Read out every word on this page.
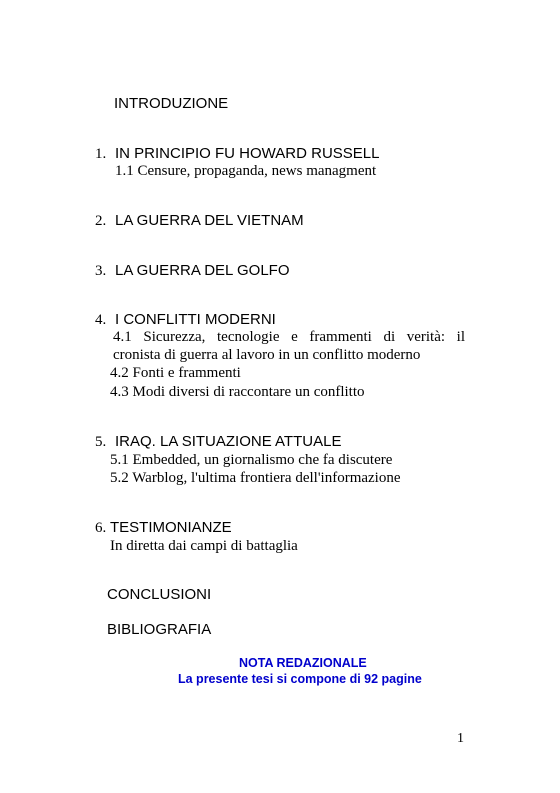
INTRODUZIONE
1. IN PRINCIPIO FU HOWARD RUSSELL
1.1 Censure, propaganda, news managment
2. LA GUERRA DEL VIETNAM
3. LA GUERRA DEL GOLFO
4. I CONFLITTI MODERNI
4.1 Sicurezza, tecnologie e frammenti di verità: il
cronista di guerra al lavoro in un conflitto moderno
4.2 Fonti e frammenti
4.3 Modi diversi di raccontare un conflitto
5. IRAQ. LA SITUAZIONE ATTUALE
5.1 Embedded, un giornalismo che fa discutere
5.2 Warblog, l'ultima frontiera dell'informazione
6. TESTIMONIANZE
In diretta dai campi di battaglia
CONCLUSIONI
BIBLIOGRAFIA
NOTA REDAZIONALE
La presente tesi si compone di 92 pagine
1
